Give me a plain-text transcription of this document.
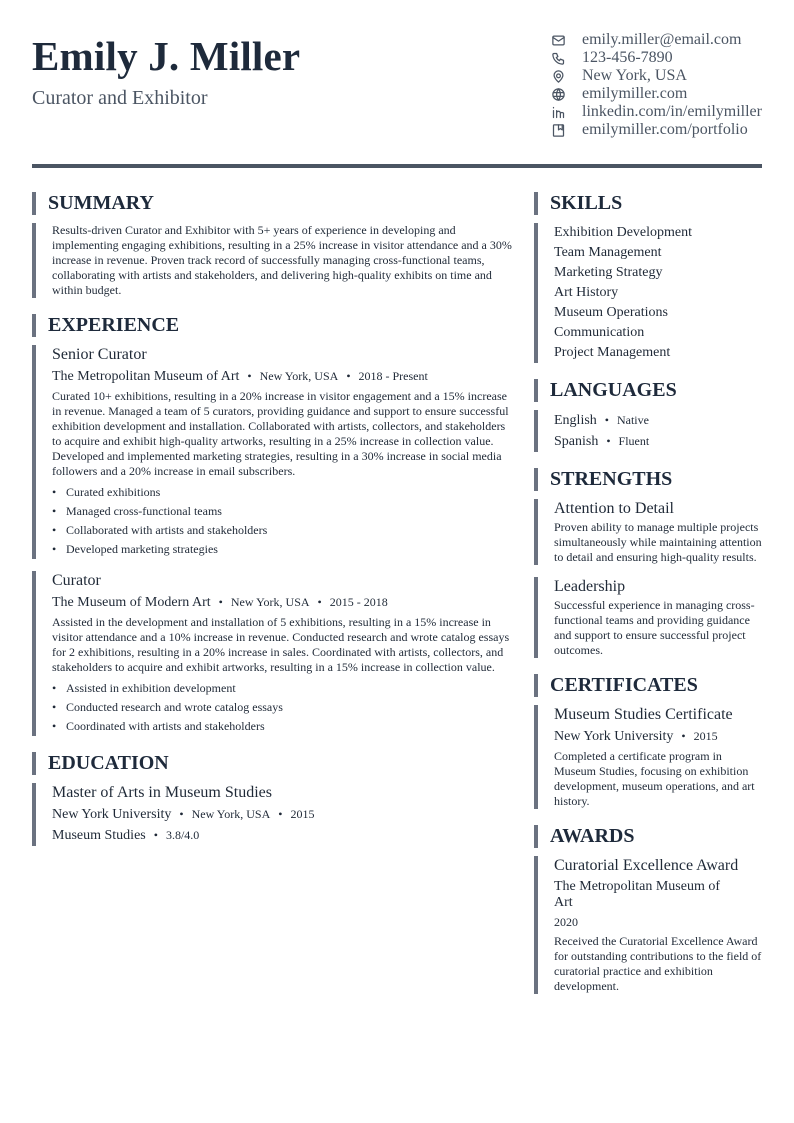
Emily J. Miller
Curator and Exhibitor
emily.miller@email.com
123-456-7890
New York, USA
emilymiller.com
linkedin.com/in/emilymiller
emilymiller.com/portfolio
SUMMARY
Results-driven Curator and Exhibitor with 5+ years of experience in developing and implementing engaging exhibitions, resulting in a 25% increase in visitor attendance and a 30% increase in revenue. Proven track record of successfully managing cross-functional teams, collaborating with artists and stakeholders, and delivering high-quality exhibits on time and within budget.
EXPERIENCE
Senior Curator
The Metropolitan Museum of Art • New York, USA • 2018 - Present
Curated 10+ exhibitions, resulting in a 20% increase in visitor engagement and a 15% increase in revenue. Managed a team of 5 curators, providing guidance and support to ensure successful exhibition development and installation. Collaborated with artists, collectors, and stakeholders to acquire and exhibit high-quality artworks, resulting in a 25% increase in collection value. Developed and implemented marketing strategies, resulting in a 30% increase in social media followers and a 20% increase in email subscribers.
• Curated exhibitions
• Managed cross-functional teams
• Collaborated with artists and stakeholders
• Developed marketing strategies
Curator
The Museum of Modern Art • New York, USA • 2015 - 2018
Assisted in the development and installation of 5 exhibitions, resulting in a 15% increase in visitor attendance and a 10% increase in revenue. Conducted research and wrote catalog essays for 2 exhibitions, resulting in a 20% increase in sales. Coordinated with artists, collectors, and stakeholders to acquire and exhibit artworks, resulting in a 15% increase in collection value.
• Assisted in exhibition development
• Conducted research and wrote catalog essays
• Coordinated with artists and stakeholders
EDUCATION
Master of Arts in Museum Studies
New York University • New York, USA • 2015
Museum Studies • 3.8/4.0
SKILLS
Exhibition Development
Team Management
Marketing Strategy
Art History
Museum Operations
Communication
Project Management
LANGUAGES
English • Native
Spanish • Fluent
STRENGTHS
Attention to Detail
Proven ability to manage multiple projects simultaneously while maintaining attention to detail and ensuring high-quality results.
Leadership
Successful experience in managing cross-functional teams and providing guidance and support to ensure successful project outcomes.
CERTIFICATES
Museum Studies Certificate
New York University • 2015
Completed a certificate program in Museum Studies, focusing on exhibition development, museum operations, and art history.
AWARDS
Curatorial Excellence Award
The Metropolitan Museum of Art
2020
Received the Curatorial Excellence Award for outstanding contributions to the field of curatorial practice and exhibition development.
